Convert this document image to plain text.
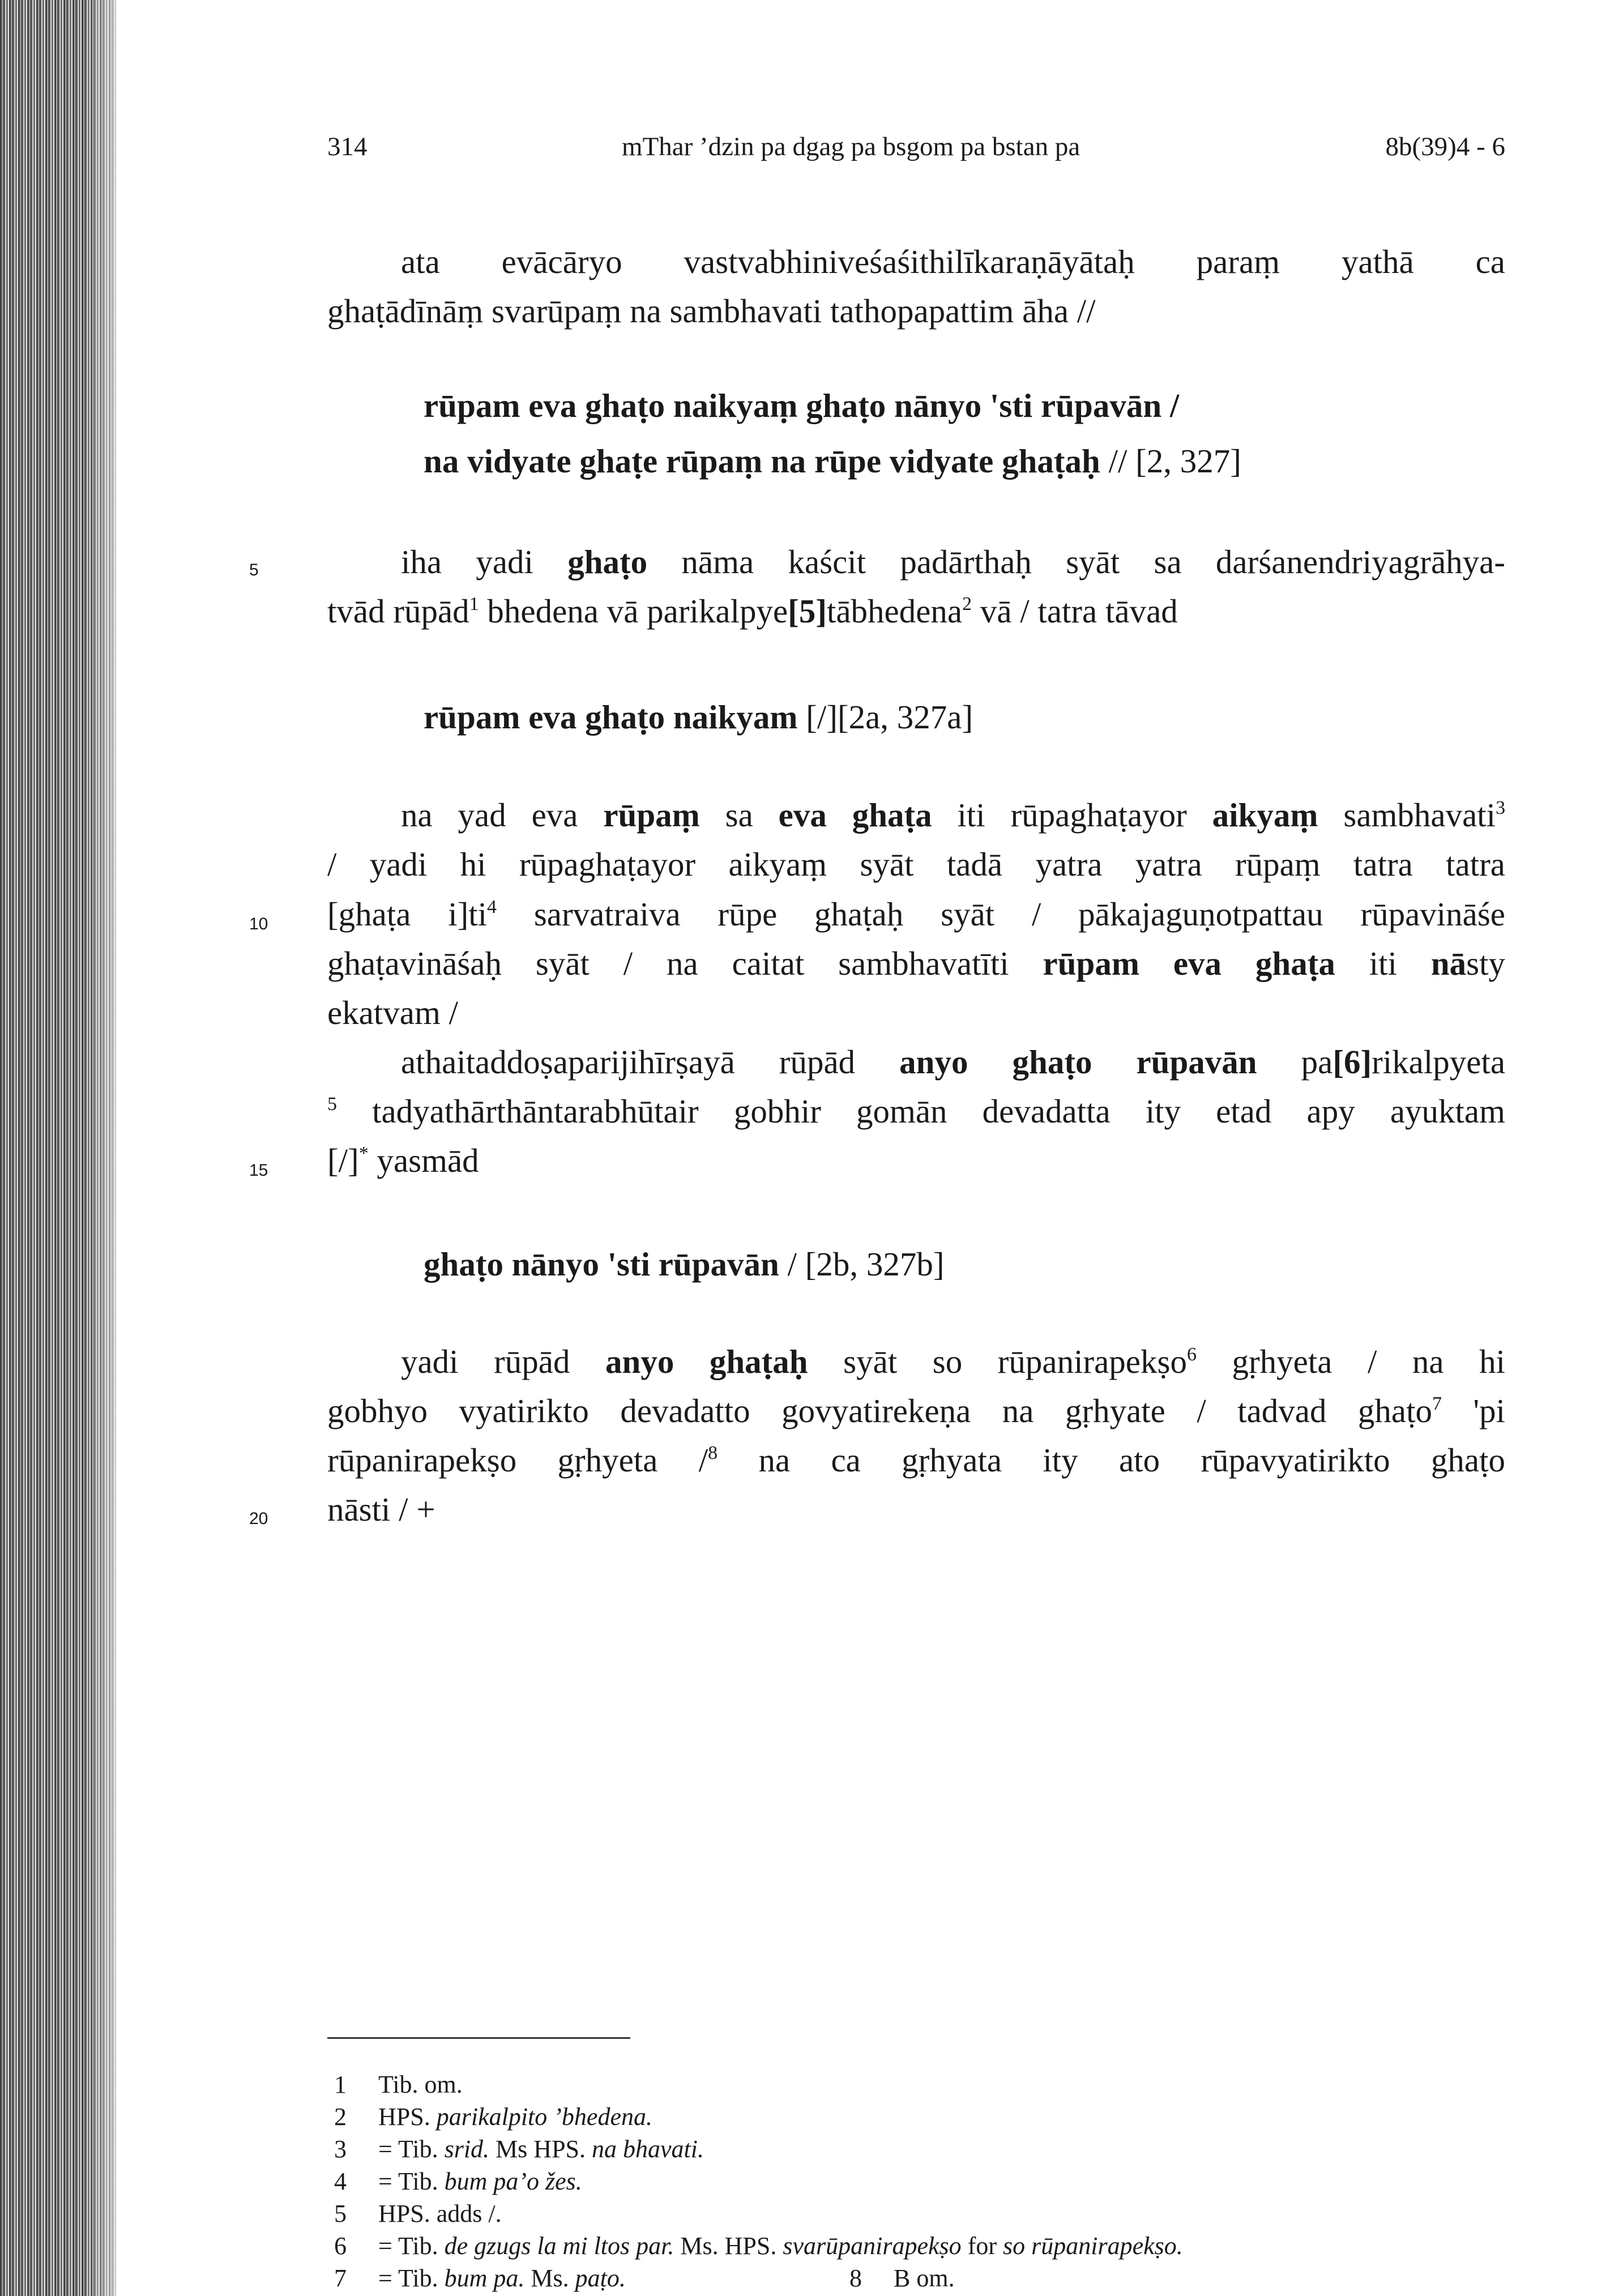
314	mThar ’dzin pa dgag pa bsgom pa bstan pa	8b(39)4 - 6
ata evācāryo vastvabhiniveśaśithilīkaraṇāyātaḥ paraṃ yathā ca
ghaṭādīnāṃ svarūpaṃ na sambhavati tathopapattim āha //
rūpam eva ghaṭo naikyaṃ ghaṭo nānyo 'sti rūpavān /
na vidyate ghaṭe rūpaṃ na rūpe vidyate ghaṭaḥ // [2, 327]
5	iha yadi ghaṭo nāma kaścit padārthaḥ syāt sa darśanendriyagrāhya-
tvād rūpād$^1$ bhedena vā parikalpye[5]tābhedena$^2$ vā / tatra tāvad
rūpam eva ghaṭo naikyam [/][2a, 327a]
na yad eva rūpaṃ sa eva ghaṭa iti rūpaghaṭayor aikyaṃ sambhavati$^3$
/ yadi hi rūpaghaṭayor aikyaṃ syāt tadā yatra yatra rūpaṃ tatra tatra
10 [ghaṭa $i]ti^4$ sarvatraiva rūpe ghaṭaḥ syāt / pākajaguṇotpattau rūpavināśe
ghaṭavināśaḥ syāt / na caitat sambhavatīti rūpam eva ghaṭa iti nāsty
ekatvam /
athaitaddoṣaparijihīrṣayā rūpād anyo ghaṭo rūpavān pa[6]rikalpyeta
$^5$ tadyathārthāntarabhūtair gobhir gomān devadatta ity etad apy ayuktam
15 [/]* yasmād
ghaṭo nānyo 'sti rūpavān / [2b, 327b]
yadi rūpād anyo ghaṭaḥ syāt so rūpanirapekṣo$^6$ gṛhyeta / na hi
gobhyo vyatirikto devadatto govyatirekeṇa na gṛhyate / tadvad ghaṭo$^7$ 'pi
rūpanirapekṣo gṛhyeta /$^8$ na ca gṛhyata ity ato rūpavyatirikto ghaṭo
20 nāsti / +
1 Tib. om.
2 HPS. parikalpito ’bhedena.
3 = Tib. srid. Ms HPS. na bhavati.
4 = Tib. bum pa’o žes.
5 HPS. adds /.
6 = Tib. de gzugs la mi ltos par. Ms. HPS. svarūpanirapekṣo for so rūpanirapekṣo.
7 = Tib. bum pa. Ms. paṭo.	8 B om.
